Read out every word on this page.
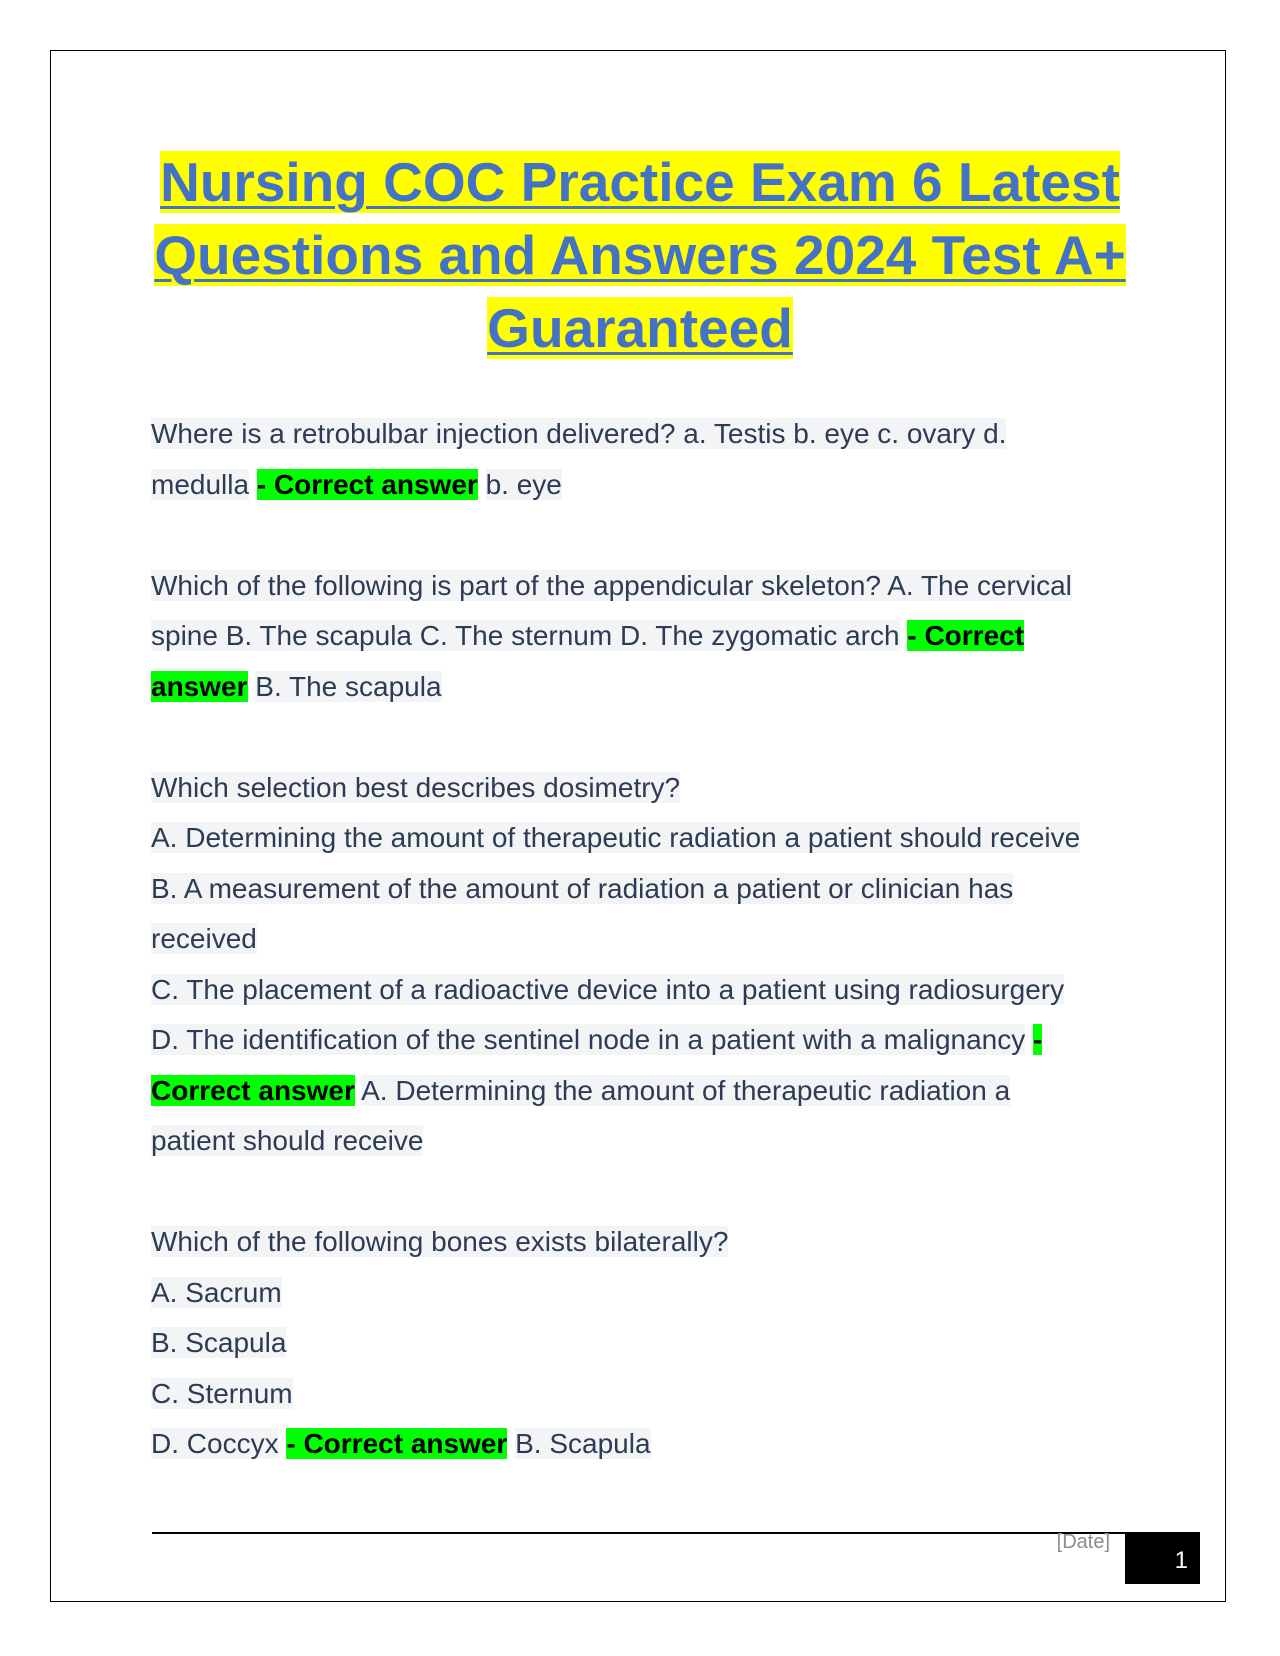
Nursing COC Practice Exam 6 Latest
Questions and Answers 2024 Test A+
Guaranteed

Where is a retrobulbar injection delivered? a. Testis b. eye c. ovary d.
medulla - Correct answer b. eye

Which of the following is part of the appendicular skeleton? A. The cervical
spine B. The scapula C. The sternum D. The zygomatic arch - Correct
answer B. The scapula

Which selection best describes dosimetry?
A. Determining the amount of therapeutic radiation a patient should receive
B. A measurement of the amount of radiation a patient or clinician has
received
C. The placement of a radioactive device into a patient using radiosurgery
D. The identification of the sentinel node in a patient with a malignancy -
Correct answer A. Determining the amount of therapeutic radiation a
patient should receive

Which of the following bones exists bilaterally?
A. Sacrum
B. Scapula
C. Sternum
D. Coccyx - Correct answer B. Scapula

[Date]
1
